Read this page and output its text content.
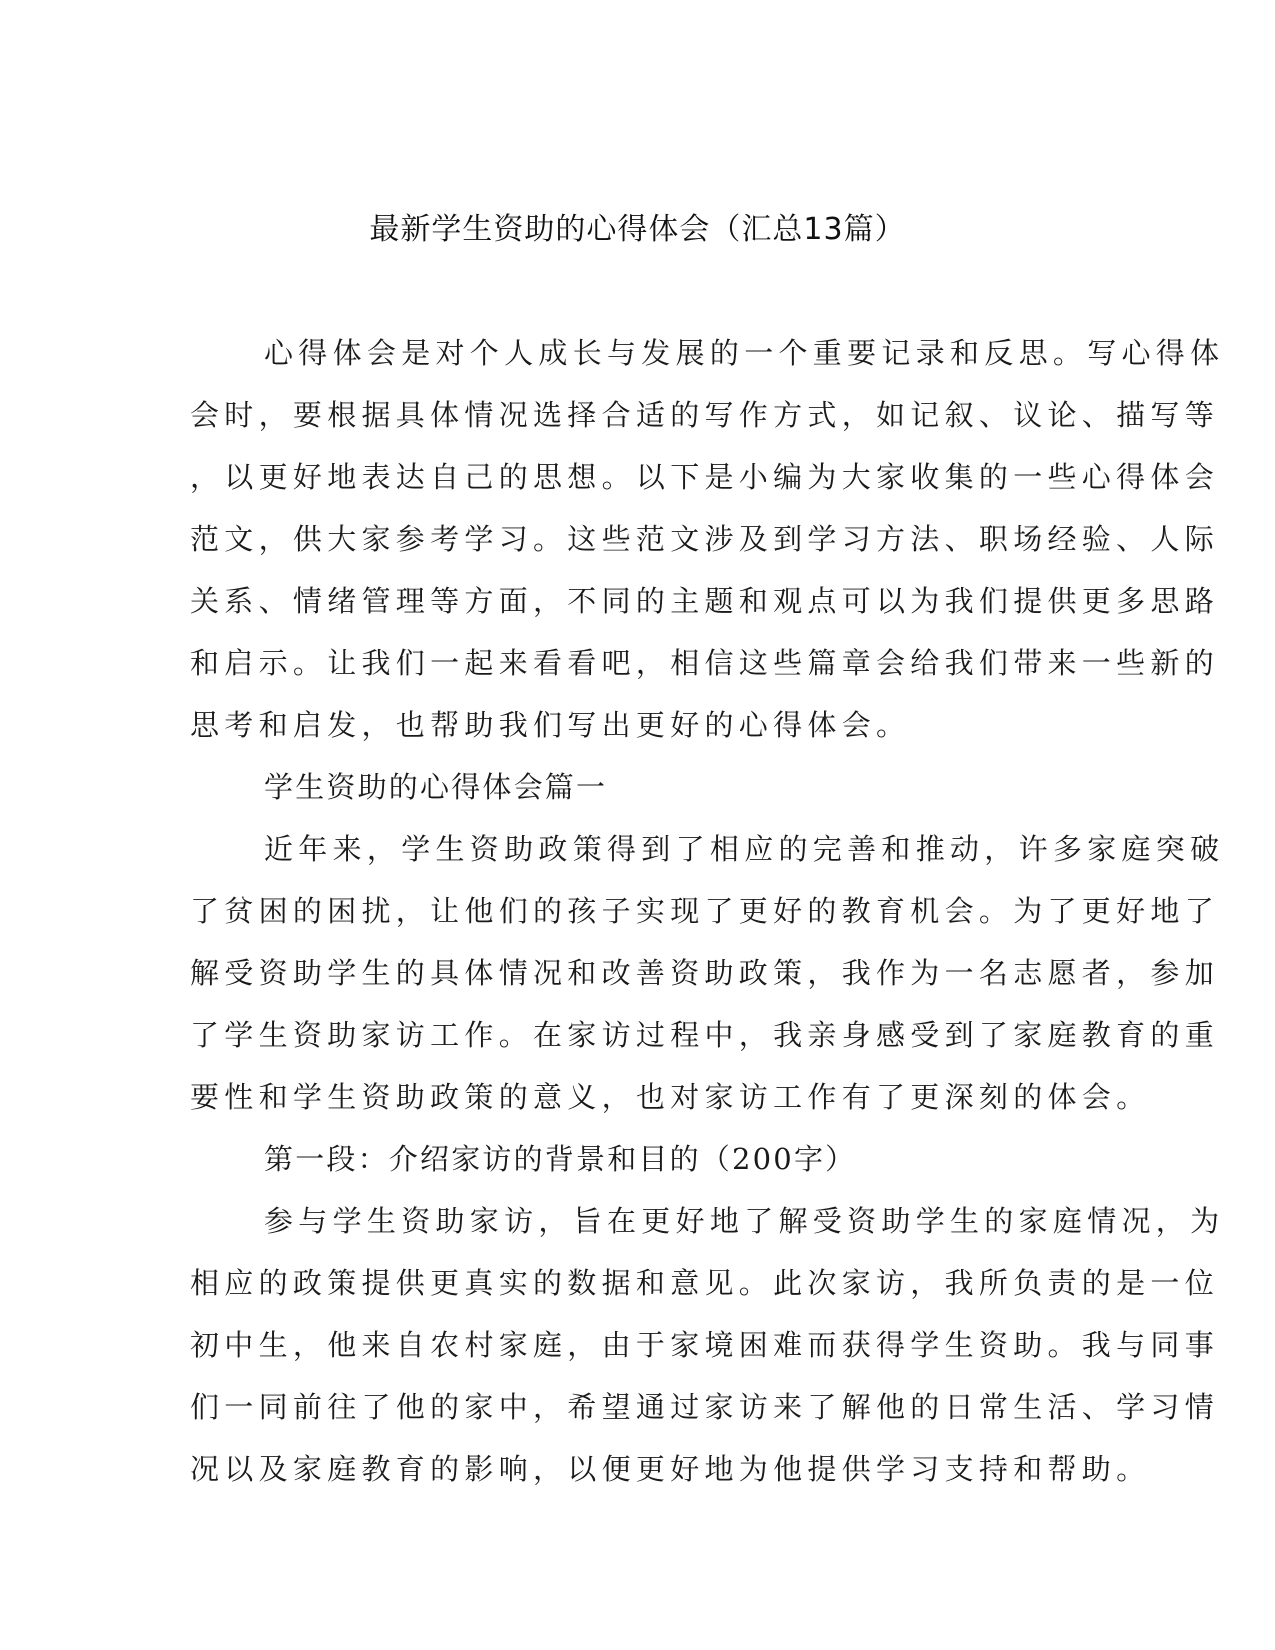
最新学生资助的心得体会（汇总13篇）

心得体会是对个人成长与发展的一个重要记录和反思。写心得体

会时，要根据具体情况选择合适的写作方式，如记叙、议论、描写等

，以更好地表达自己的思想。以下是小编为大家收集的一些心得体会

范文，供大家参考学习。这些范文涉及到学习方法、职场经验、人际

关系、情绪管理等方面，不同的主题和观点可以为我们提供更多思路

和启示。让我们一起来看看吧，相信这些篇章会给我们带来一些新的

思考和启发，也帮助我们写出更好的心得体会。

学生资助的心得体会篇一

近年来，学生资助政策得到了相应的完善和推动，许多家庭突破

了贫困的困扰，让他们的孩子实现了更好的教育机会。为了更好地了

解受资助学生的具体情况和改善资助政策，我作为一名志愿者，参加

了学生资助家访工作。在家访过程中，我亲身感受到了家庭教育的重

要性和学生资助政策的意义，也对家访工作有了更深刻的体会。

第一段：介绍家访的背景和目的（200字）

参与学生资助家访，旨在更好地了解受资助学生的家庭情况，为

相应的政策提供更真实的数据和意见。此次家访，我所负责的是一位

初中生，他来自农村家庭，由于家境困难而获得学生资助。我与同事

们一同前往了他的家中，希望通过家访来了解他的日常生活、学习情

况以及家庭教育的影响，以便更好地为他提供学习支持和帮助。
